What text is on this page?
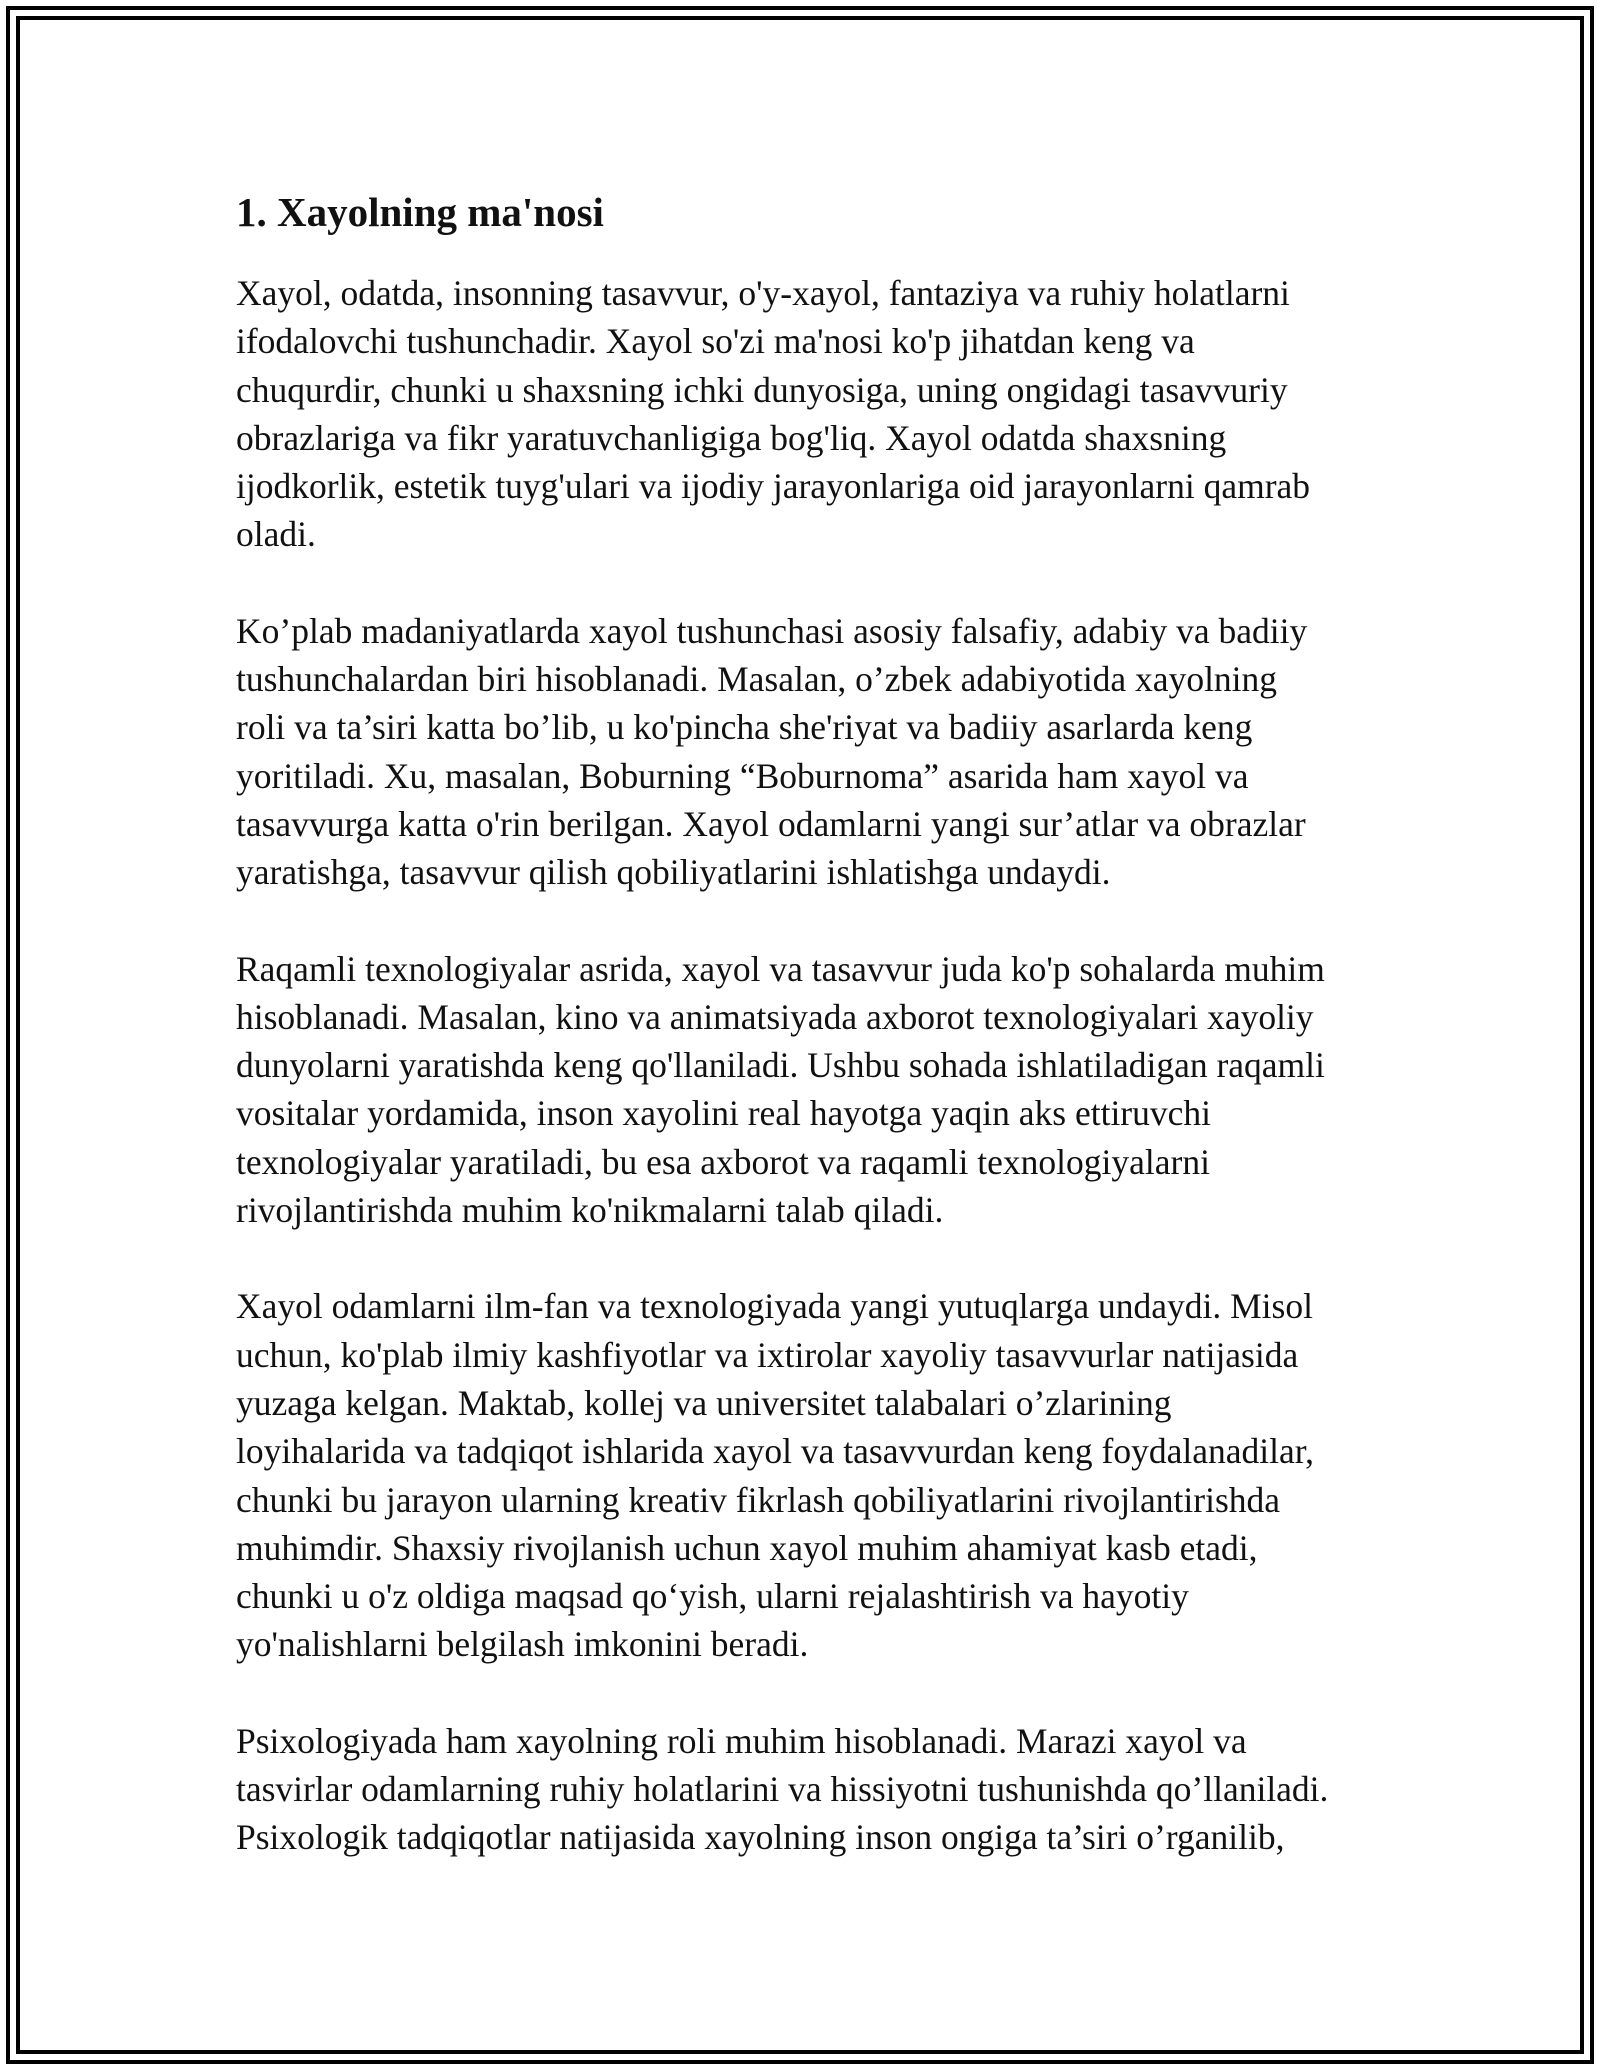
1. Xayolning ma'nosi

Xayol, odatda, insonning tasavvur, o'y-xayol, fantaziya va ruhiy holatlarni
ifodalovchi tushunchadir. Xayol so'zi ma'nosi ko'p jihatdan keng va
chuqurdir, chunki u shaxsning ichki dunyosiga, uning ongidagi tasavvuriy
obrazlariga va fikr yaratuvchanligiga bog'liq. Xayol odatda shaxsning
ijodkorlik, estetik tuyg'ulari va ijodiy jarayonlariga oid jarayonlarni qamrab
oladi.

Ko’plab madaniyatlarda xayol tushunchasi asosiy falsafiy, adabiy va badiiy
tushunchalardan biri hisoblanadi. Masalan, o’zbek adabiyotida xayolning
roli va ta’siri katta bo’lib, u ko'pincha she'riyat va badiiy asarlarda keng
yoritiladi. Xu, masalan, Boburning “Boburnoma” asarida ham xayol va
tasavvurga katta o'rin berilgan. Xayol odamlarni yangi sur’atlar va obrazlar
yaratishga, tasavvur qilish qobiliyatlarini ishlatishga undaydi.

Raqamli texnologiyalar asrida, xayol va tasavvur juda ko'p sohalarda muhim
hisoblanadi. Masalan, kino va animatsiyada axborot texnologiyalari xayoliy
dunyolarni yaratishda keng qo'llaniladi. Ushbu sohada ishlatiladigan raqamli
vositalar yordamida, inson xayolini real hayotga yaqin aks ettiruvchi
texnologiyalar yaratiladi, bu esa axborot va raqamli texnologiyalarni
rivojlantirishda muhim ko'nikmalarni talab qiladi.

Xayol odamlarni ilm-fan va texnologiyada yangi yutuqlarga undaydi. Misol
uchun, ko'plab ilmiy kashfiyotlar va ixtirolar xayoliy tasavvurlar natijasida
yuzaga kelgan. Maktab, kollej va universitet talabalari o’zlarining
loyihalarida va tadqiqot ishlarida xayol va tasavvurdan keng foydalanadilar,
chunki bu jarayon ularning kreativ fikrlash qobiliyatlarini rivojlantirishda
muhimdir. Shaxsiy rivojlanish uchun xayol muhim ahamiyat kasb etadi,
chunki u o'z oldiga maqsad qo‘yish, ularni rejalashtirish va hayotiy
yo'nalishlarni belgilash imkonini beradi.

Psixologiyada ham xayolning roli muhim hisoblanadi. Marazi xayol va
tasvirlar odamlarning ruhiy holatlarini va hissiyotni tushunishda qo’llaniladi.
Psixologik tadqiqotlar natijasida xayolning inson ongiga ta’siri o’rganilib,
